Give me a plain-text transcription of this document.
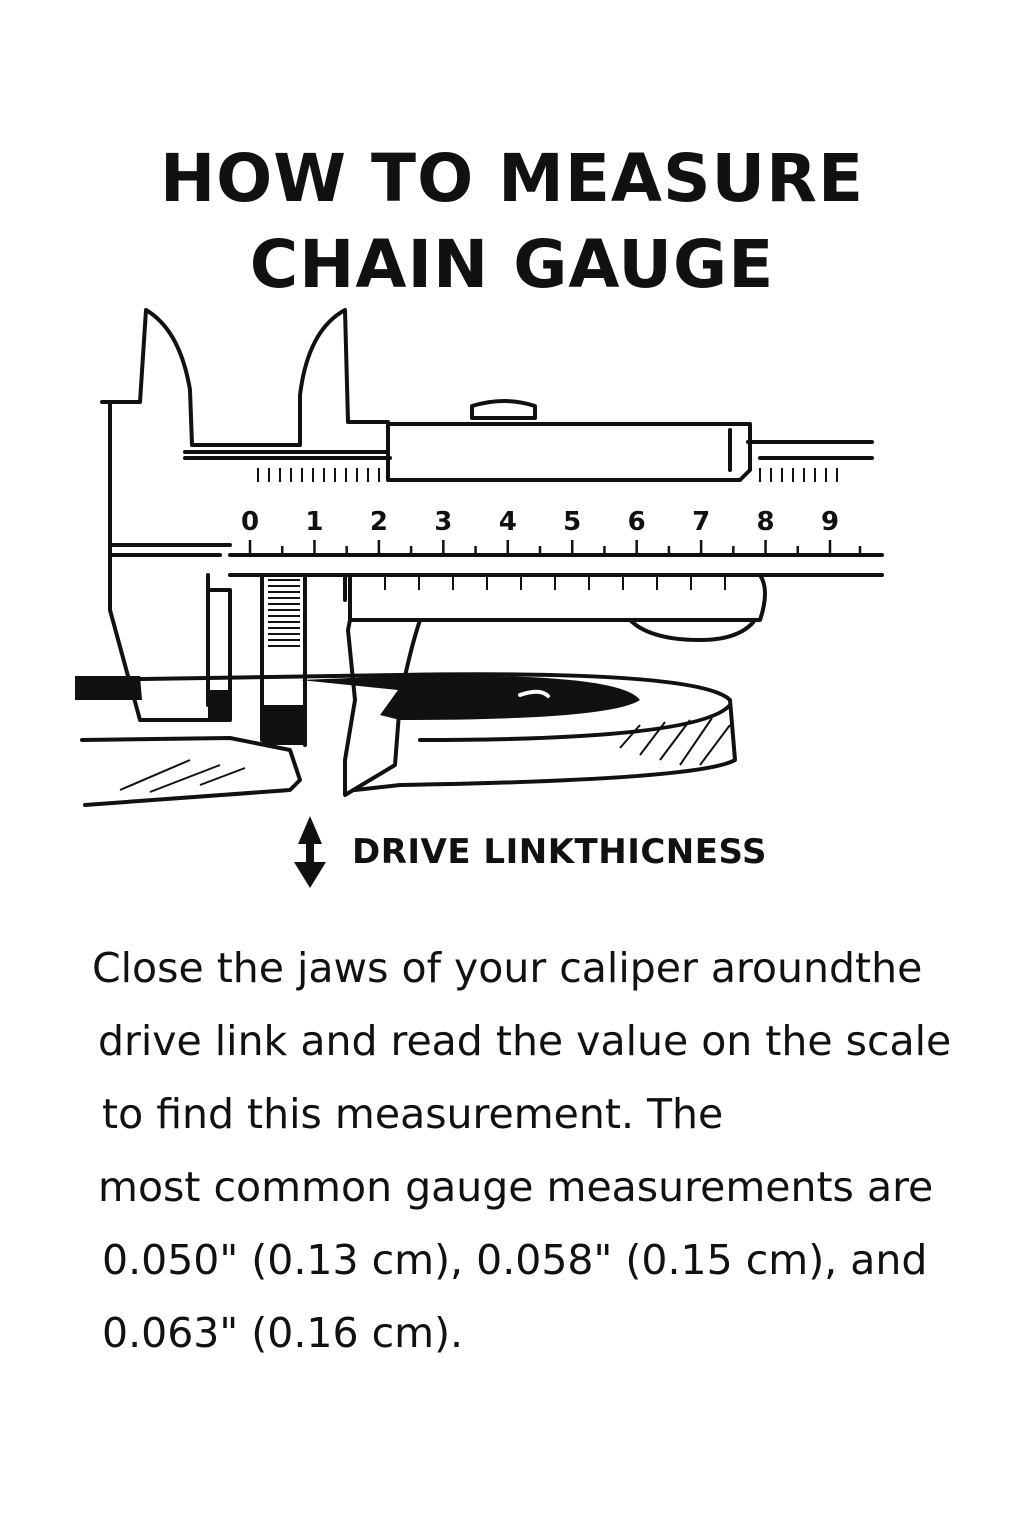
HOW TO MEASURE
CHAIN GAUGE
0 1 2 3 4 5 6 7 8 9
DRIVE LINKTHICNESS
Close the jaws of your caliper aroundthe
drive link and read the value on the scale
to find this measurement. The
most common gauge measurements are
0.050" (0.13 cm), 0.058" (0.15 cm), and
0.063" (0.16 cm).
